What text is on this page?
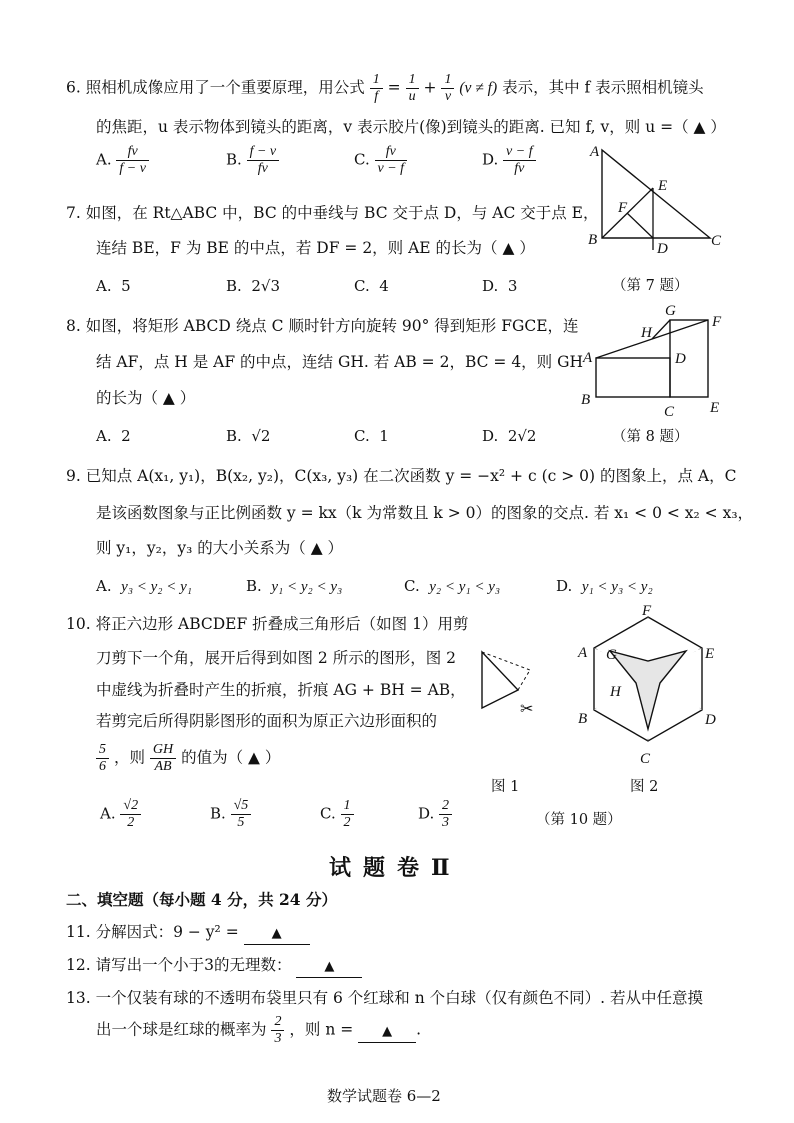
6. 照相机成像应用了一个重要原理，用公式 $\frac{1}{f} = \frac{1}{u} + \frac{1}{v} (v \ne f)$ 表示，其中 f 表示照相机镜头
的焦距，u 表示物体到镜头的距离，v 表示胶片(像)到镜头的距离. 已知 f, v，则 u =（ ▲ ）
A. $\frac{fv}{f - v}$	B. $\frac{f - v}{fv}$	C. $\frac{fv}{v - f}$	D. $\frac{v - f}{fv}$
7. 如图，在 Rt△ABC 中，BC 的中垂线与 BC 交于点 D，与 AC 交于点 E，
连结 BE，F 为 BE 的中点，若 DF = 2，则 AE 的长为（ ▲ ）
A. 5	B. 2√3	C. 4	D. 3
A
B	C
D
E
F
（第 7 题）
8. 如图，将矩形 ABCD 绕点 C 顺时针方向旋转 90° 得到矩形 FGCE，连
结 AF，点 H 是 AF 的中点，连结 GH. 若 AB = 2，BC = 4，则 GH
的长为（ ▲ ）
A. 2	B. √2	C. 1	D. 2√2
A
B
C
D
E
F
G
H
（第 8 题）
9. 已知点 A(x₁, y₁)，B(x₂, y₂)，C(x₃, y₃) 在二次函数 y = −x² + c (c > 0) 的图象上，点 A，C
是该函数图象与正比例函数 y = kx（k 为常数且 k > 0）的图象的交点. 若 x₁ < 0 < x₂ < x₃，
则 y₁，y₂，y₃ 的大小关系为（ ▲ ）
A. y₃ < y₂ < y₁	B. y₁ < y₂ < y₃	C. y₂ < y₁ < y₃	D. y₁ < y₃ < y₂
10. 将正六边形 ABCDEF 折叠成三角形后（如图 1）用剪
刀剪下一个角，展开后得到如图 2 所示的图形，图 2
中虚线为折叠时产生的折痕，折痕 AG + BH = AB，
若剪完后所得阴影图形的面积为原正六边形面积的
$\frac{5}{6}$ ，则 $\frac{GH}{AB}$ 的值为（ ▲ ）
A. $\frac{√2}{2}$	B. $\frac{√5}{5}$	C. $\frac{1}{2}$	D. $\frac{2}{3}$
✂
图 1
A
B
C
D
E
F
G
H
图 2
（第 10 题）
试题卷Ⅱ
二、填空题（每小题 4 分，共 24 分）
11. 分解因式：9 − y² =	▲
12. 请写出一个小于3的无理数：	▲
13. 一个仅装有球的不透明布袋里只有 6 个红球和 n 个白球（仅有颜色不同）. 若从中任意摸
出一个球是红球的概率为 $\frac{2}{3}$ ，则 n = ▲ .
数学试题卷 6—2
